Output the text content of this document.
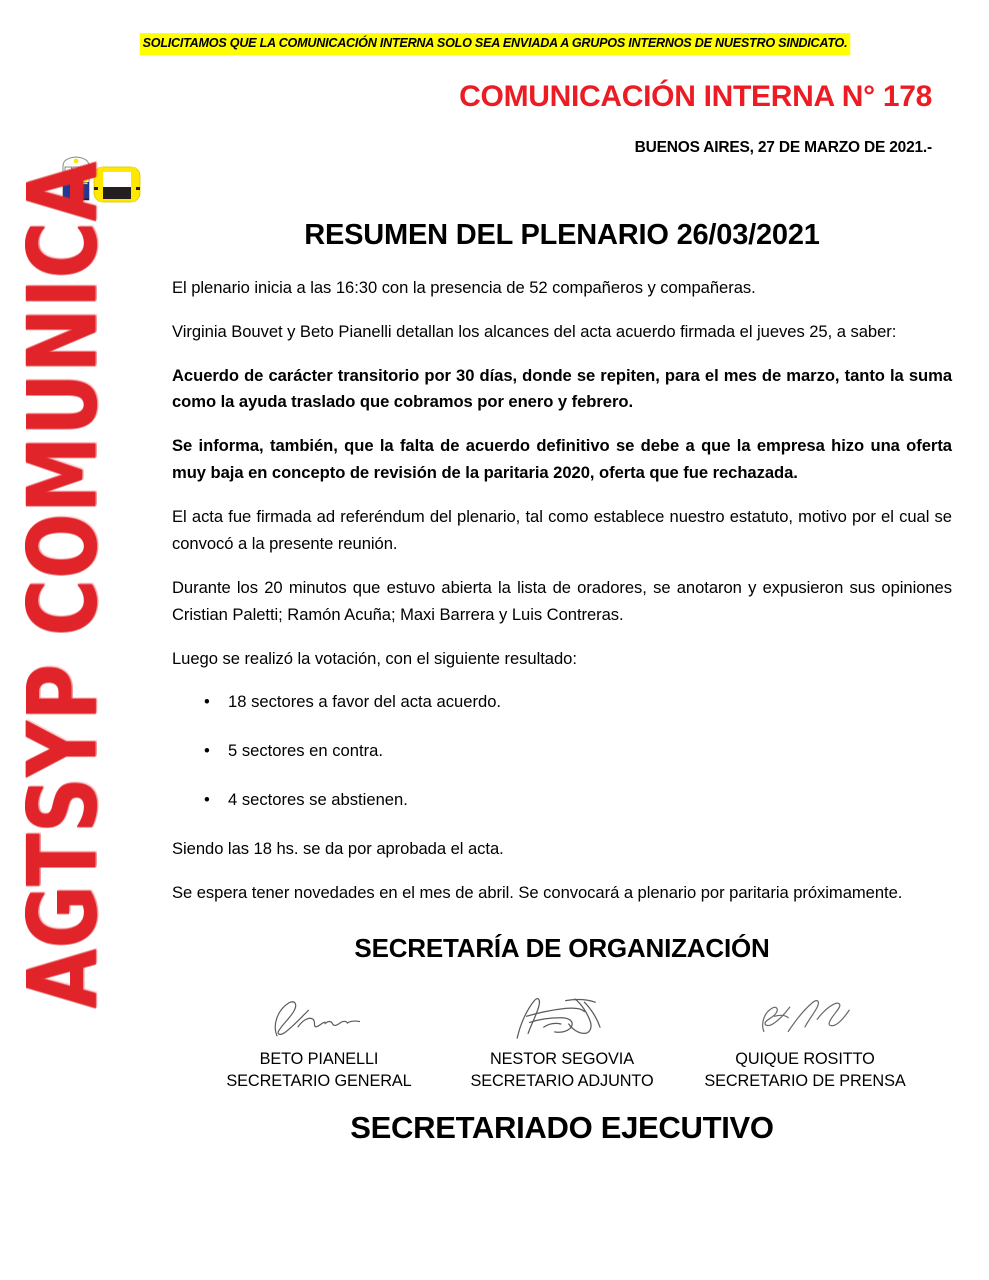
SOLICITAMOS QUE LA COMUNICACIÓN INTERNA SOLO SEA ENVIADA A GRUPOS INTERNOS DE NUESTRO SINDICATO.
COMUNICACIÓN INTERNA N° 178
BUENOS AIRES, 27 DE MARZO DE 2021.-
AGTSYP COMUNICA	RESUMEN DEL PLENARIO 26/03/2021

El plenario inicia a las 16:30 con la presencia de 52 compañeros y compañeras.

Virginia Bouvet y Beto Pianelli detallan los alcances del acta acuerdo firmada el jueves 25, a saber:

Acuerdo de carácter transitorio por 30 días, donde se repiten, para el mes de marzo, tanto la suma como la ayuda traslado que cobramos por enero y febrero.

Se informa, también, que la falta de acuerdo definitivo se debe a que la empresa hizo una oferta muy baja en concepto de revisión de la paritaria 2020, oferta que fue rechazada.

El acta fue firmada ad referéndum del plenario, tal como establece nuestro estatuto, motivo por el cual se convocó a la presente reunión.

Durante los 20 minutos que estuvo abierta la lista de oradores, se anotaron y expusieron sus opiniones Cristian Paletti; Ramón Acuña; Maxi Barrera y Luis Contreras.

Luego se realizó la votación, con el siguiente resultado:

• 18 sectores a favor del acta acuerdo.
• 5 sectores en contra.
• 4 sectores se abstienen.

Siendo las 18 hs. se da por aprobada el acta.

Se espera tener novedades en el mes de abril. Se convocará a plenario por paritaria próximamente.

SECRETARÍA DE ORGANIZACIÓN
BETO PIANELLI
SECRETARIO GENERAL
NESTOR SEGOVIA
SECRETARIO ADJUNTO
QUIQUE ROSITTO
SECRETARIO DE PRENSA
SECRETARIADO EJECUTIVO
